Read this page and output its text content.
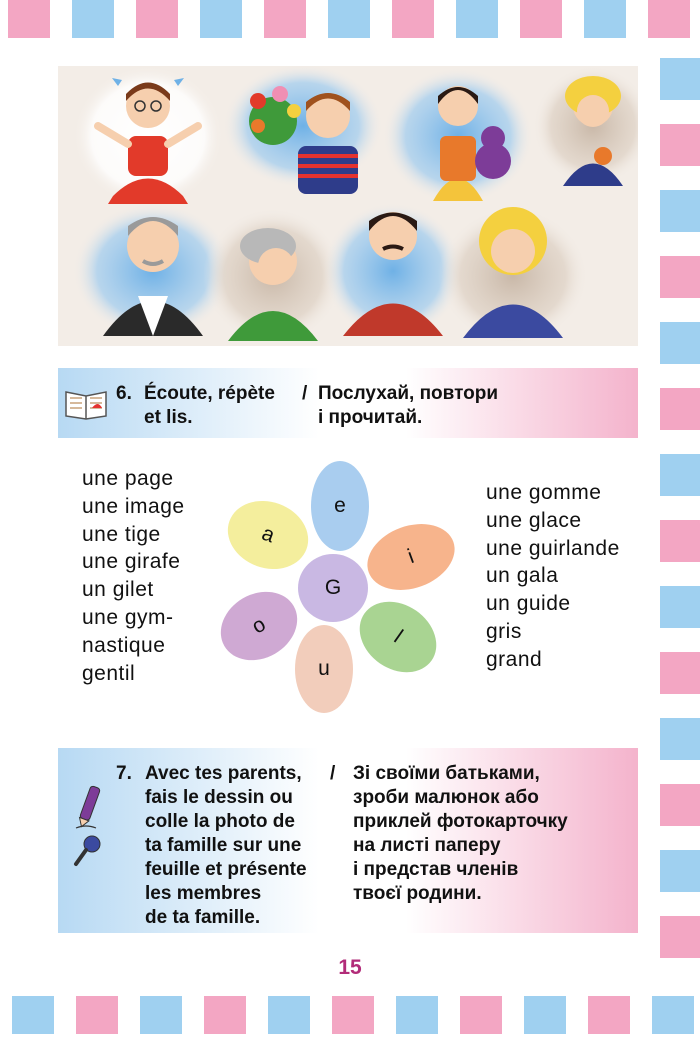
6. Écoute, répète
et lis.
/ Послухай, повтори
і прочитай.
une page
une image
une tige
une girafe
un gilet
une gym-
nastique
gentil
une gomme
une glace
une guirlande
un gala
un guide
gris
grand
e
i
l
u
o
a
G
7.	/
Avec tes parents,
fais le dessin ou
colle la photo de
ta famille sur une
feuille et présente
les membres
de ta famille.
Зі своїми батьками,
зроби малюнок або
приклей фотокарточку
на листі паперу
і представ членів
твоєї родини.
15
